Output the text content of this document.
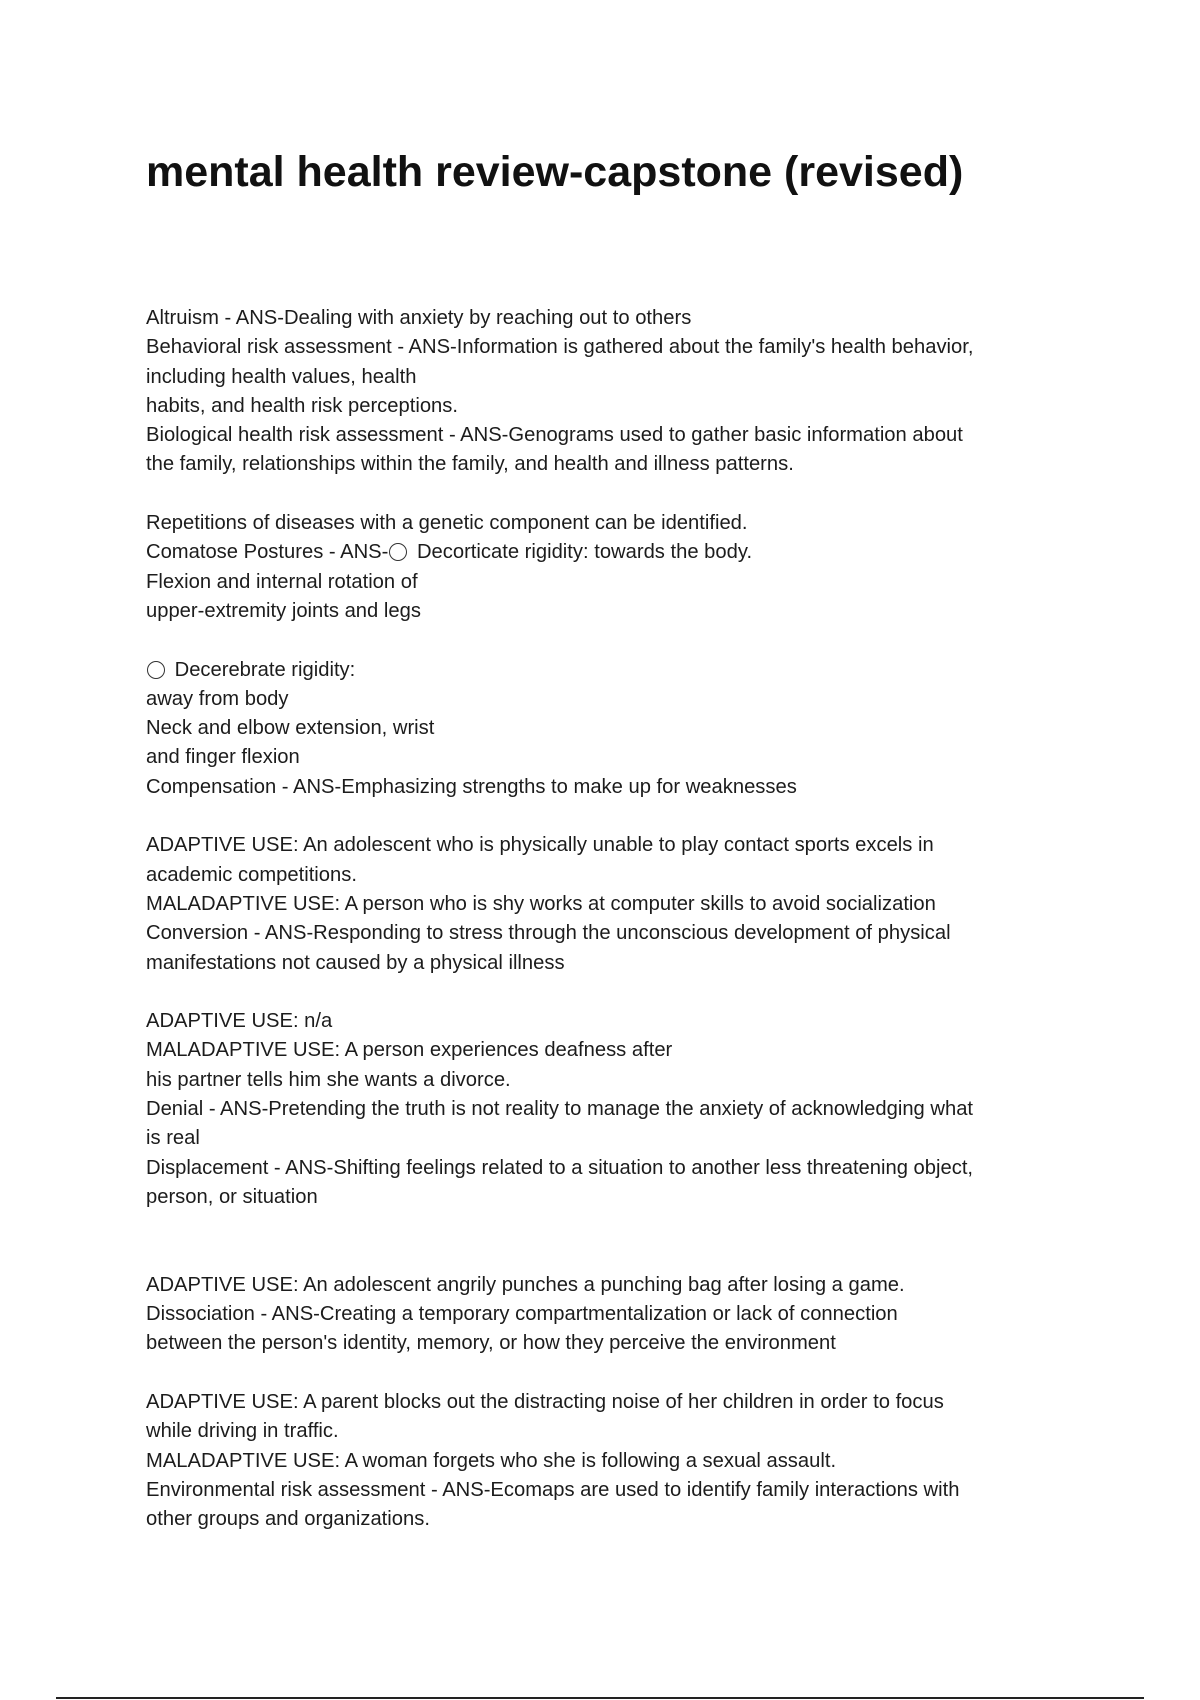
mental health review-capstone (revised)
Altruism - ANS-Dealing with anxiety by reaching out to others
Behavioral risk assessment - ANS-Information is gathered about the family's health behavior,
including health values, health
habits, and health risk perceptions.
Biological health risk assessment - ANS-Genograms used to gather basic information about
the family, relationships within the family, and health and illness patterns.
Repetitions of diseases with a genetic component can be identified.
Comatose Postures - ANS- Decorticate rigidity: towards the body.
Flexion and internal rotation of
upper-extremity joints and legs
Decerebrate rigidity:
away from body
Neck and elbow extension, wrist
and finger flexion
Compensation - ANS-Emphasizing strengths to make up for weaknesses
ADAPTIVE USE: An adolescent who is physically unable to play contact sports excels in
academic competitions.
MALADAPTIVE USE: A person who is shy works at computer skills to avoid socialization
Conversion - ANS-Responding to stress through the unconscious development of physical
manifestations not caused by a physical illness
ADAPTIVE USE: n/a
MALADAPTIVE USE: A person experiences deafness after
his partner tells him she wants a divorce.
Denial - ANS-Pretending the truth is not reality to manage the anxiety of acknowledging what
is real
Displacement - ANS-Shifting feelings related to a situation to another less threatening object,
person, or situation
ADAPTIVE USE: An adolescent angrily punches a punching bag after losing a game.
Dissociation - ANS-Creating a temporary compartmentalization or lack of connection
between the person's identity, memory, or how they perceive the environment
ADAPTIVE USE: A parent blocks out the distracting noise of her children in order to focus
while driving in traffic.
MALADAPTIVE USE: A woman forgets who she is following a sexual assault.
Environmental risk assessment - ANS-Ecomaps are used to identify family interactions with
other groups and organizations.
